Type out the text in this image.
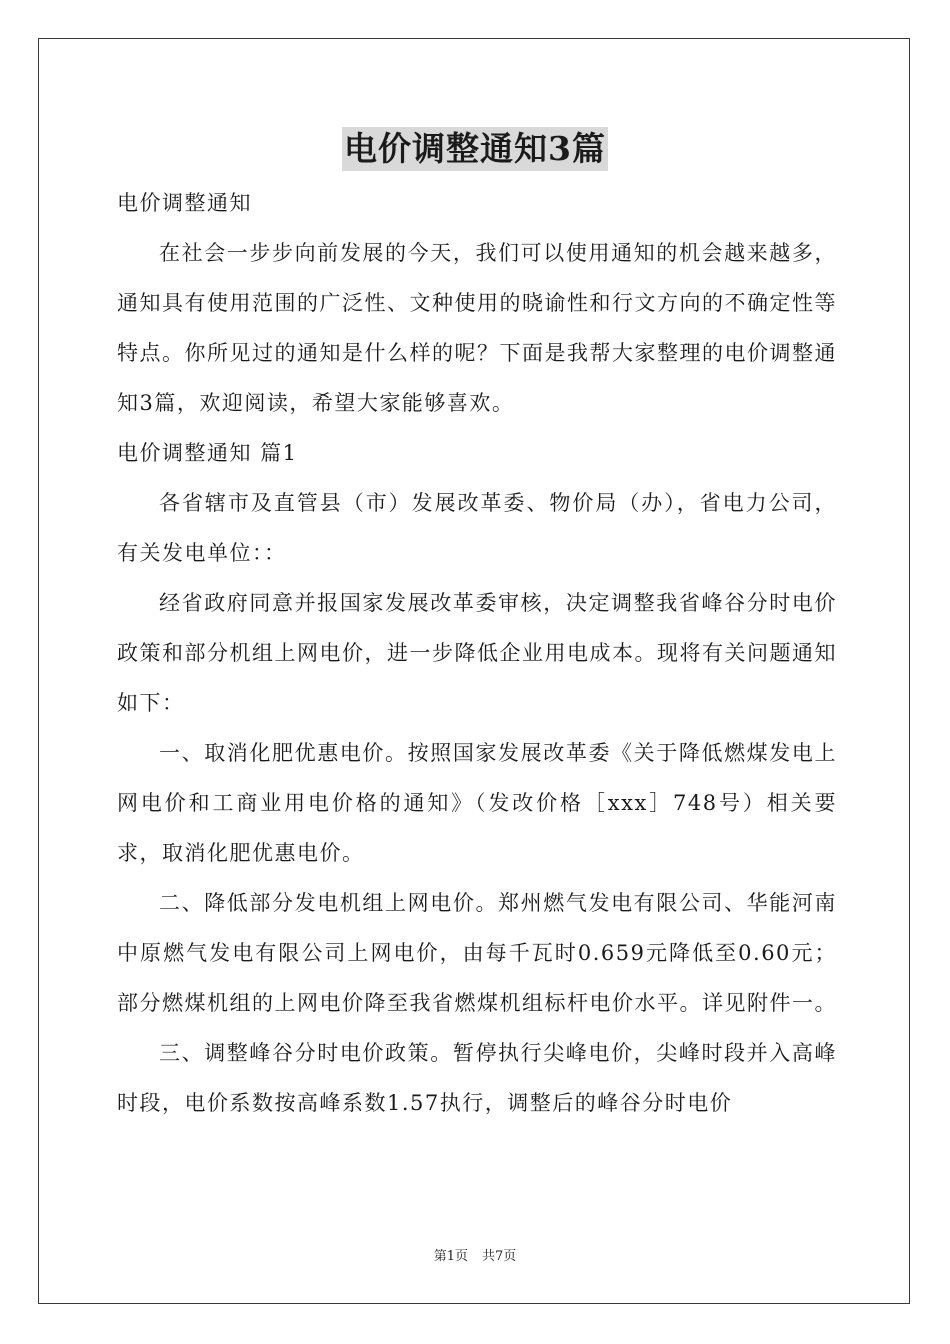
电价调整通知3篇

电价调整通知

在社会一步步向前发展的今天，我们可以使用通知的机会越来越多，通知具有使用范围的广泛性、文种使用的晓谕性和行文方向的不确定性等特点。你所见过的通知是什么样的呢？下面是我帮大家整理的电价调整通知3篇，欢迎阅读，希望大家能够喜欢。

电价调整通知 篇1

各省辖市及直管县（市）发展改革委、物价局（办），省电力公司，有关发电单位：：

经省政府同意并报国家发展改革委审核，决定调整我省峰谷分时电价政策和部分机组上网电价，进一步降低企业用电成本。现将有关问题通知如下：

一、取消化肥优惠电价。按照国家发展改革委《关于降低燃煤发电上网电价和工商业用电价格的通知》（发改价格［xxx］748号）相关要求，取消化肥优惠电价。

二、降低部分发电机组上网电价。郑州燃气发电有限公司、华能河南中原燃气发电有限公司上网电价，由每千瓦时0.659元降低至0.60元；部分燃煤机组的上网电价降至我省燃煤机组标杆电价水平。详见附件一。

三、调整峰谷分时电价政策。暂停执行尖峰电价，尖峰时段并入高峰时段，电价系数按高峰系数1.57执行，调整后的峰谷分时电价

第1页 共7页
